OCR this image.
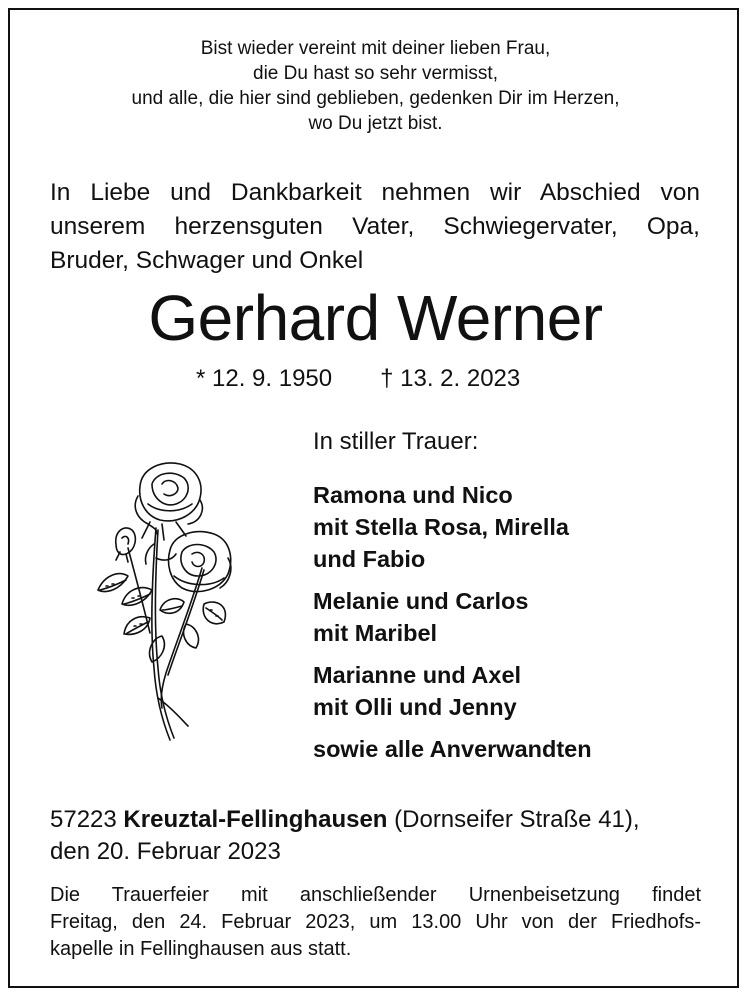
Bist wieder vereint mit deiner lieben Frau,
die Du hast so sehr vermisst,
und alle, die hier sind geblieben, gedenken Dir im Herzen,
wo Du jetzt bist.
In Liebe und Dankbarkeit nehmen wir Abschied von
unserem herzensguten Vater, Schwiegervater, Opa,
Bruder, Schwager und Onkel
Gerhard Werner
* 12. 9. 1950 † 13. 2. 2023
In stiller Trauer:
Ramona und Nico
mit Stella Rosa, Mirella
und Fabio
Melanie und Carlos
mit Maribel
Marianne und Axel
mit Olli und Jenny
sowie alle Anverwandten
57223 Kreuztal-Fellinghausen (Dornseifer Straße 41),
den 20. Februar 2023
Die Trauerfeier mit anschließender Urnenbeisetzung findet
Freitag, den 24. Februar 2023, um 13.00 Uhr von der Friedhofs-
kapelle in Fellinghausen aus statt.
